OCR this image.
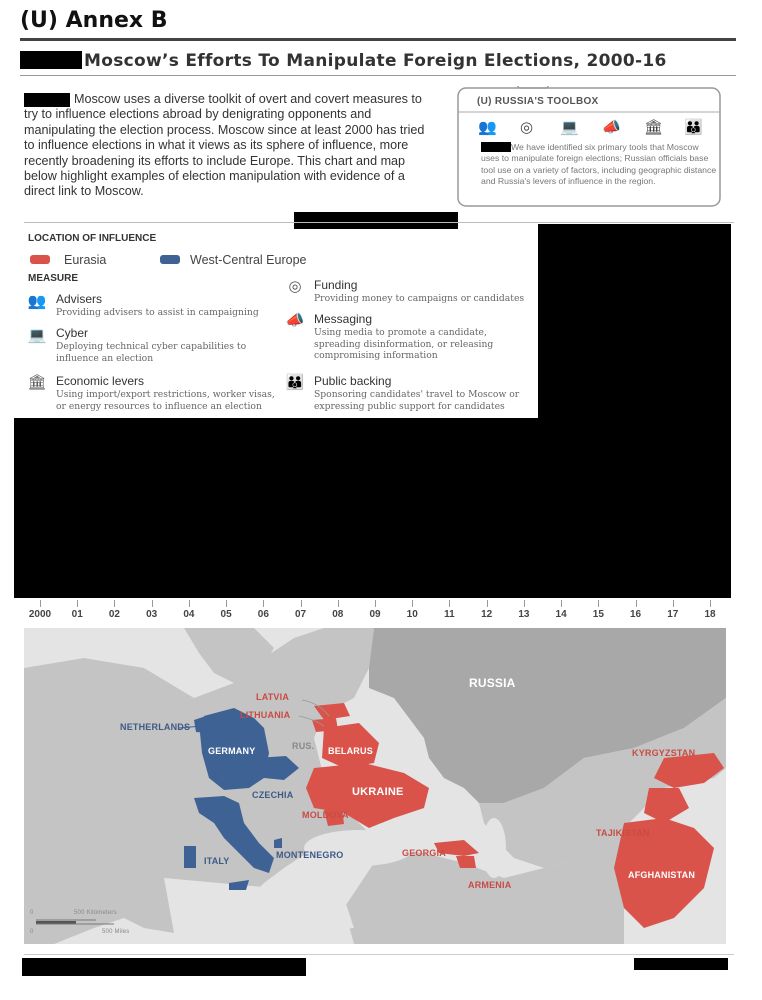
(U) Annex B
Moscow’s Efforts To Manipulate Foreign Elections, 2000-16
Moscow uses a diverse toolkit of overt and covert measures to try to influence elections abroad by denigrating opponents and manipulating the election process. Moscow since at least 2000 has tried to influence elections in what it views as its sphere of influence, more recently broadening its efforts to include Europe. This chart and map below highlight examples of election manipulation with evidence of a direct link to Moscow.
(U) RUSSIA'S TOOLBOX
👥 ◎ 💻 📣 🏛 👪
We have identified six primary tools that Moscow uses to manipulate foreign elections; Russian officials base tool use on a variety of factors, including geographic distance and Russia's levers of influence in the region.
LOCATION OF INFLUENCE
Eurasia	West-Central Europe
MEASURE
👥 Advisers
Providing advisers to assist in campaigning
💻 Cyber
Deploying technical cyber capabilities to influence an election
🏛 Economic levers
Using import/export restrictions, worker visas, or energy resources to influence an election
◎	Funding
Providing money to campaigns or candidates
📣 Messaging
Using media to promote a candidate, spreading disinformation, or releasing compromising information
👪 Public backing
Sponsoring candidates' travel to Moscow or expressing public support for candidates
2000 01	02	03	04	05	06	07	08	09	10	11	12	13	14	15	16	17	18
RUSSIA
LATVIA
LITHUANIA
NETHERLANDS
GERMANY	RUS. BELARUS
CZECHIA	UKRAINE
MOLDOVA
ITALY
MONTENEGRO	GEORGIA
ARMENIA
KYRGYZSTAN
TAJIKISTAN
AFGHANISTAN
0	500 Kilometers
0	500 Miles
